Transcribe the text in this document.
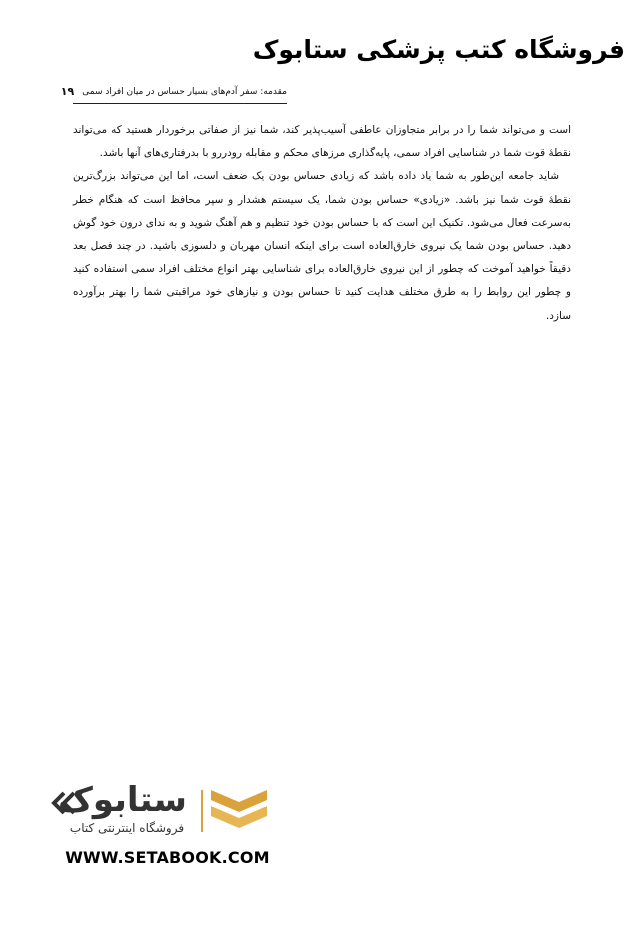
فروشگاه کتب پزشکی ستابوک
مقدمه: سفر آدم‌های بسیار حساس در میان افراد سمی
۱۹

است و می‌تواند شما را در برابر متجاوزان عاطفی آسیب‌پذیر کند، شما نیز از صفاتی برخوردار هستید که می‌تواند نقطهٔ قوت شما در شناسایی افراد سمی، پایه‌گذاری مرزهای محکم و مقابله رودررو با بدرفتاری‌های آنها باشد.

شاید جامعه این‌طور به شما یاد داده باشد که زیادی حساس بودن یک ضعف است، اما این می‌تواند بزرگ‌ترین نقطهٔ قوت شما نیز باشد. «زیادی» حساس بودن شما، یک سیستم هشدار و سپر محافظ است که هنگام خطر به‌سرعت فعال می‌شود. تکنیک این است که با حساس بودن خود تنظیم و هم آهنگ شوید و به ندای درون خود گوش دهید. حساس بودن شما یک نیروی خارق‌العاده است برای اینکه انسان مهربان و دلسوزی باشید. در چند فصل بعد دقیقاً خواهید آموخت که چطور از این نیروی خارق‌العاده برای شناسایی بهتر انواع مختلف افراد سمی استفاده کنید و چطور این روابط را به طرق مختلف هدایت کنید تا حساس بودن و نیازهای خود مراقبتی شما را بهتر برآورده سازد.

ستابوک
فروشگاه اینترنتی کتاب
WWW.SETABOOK.COM
